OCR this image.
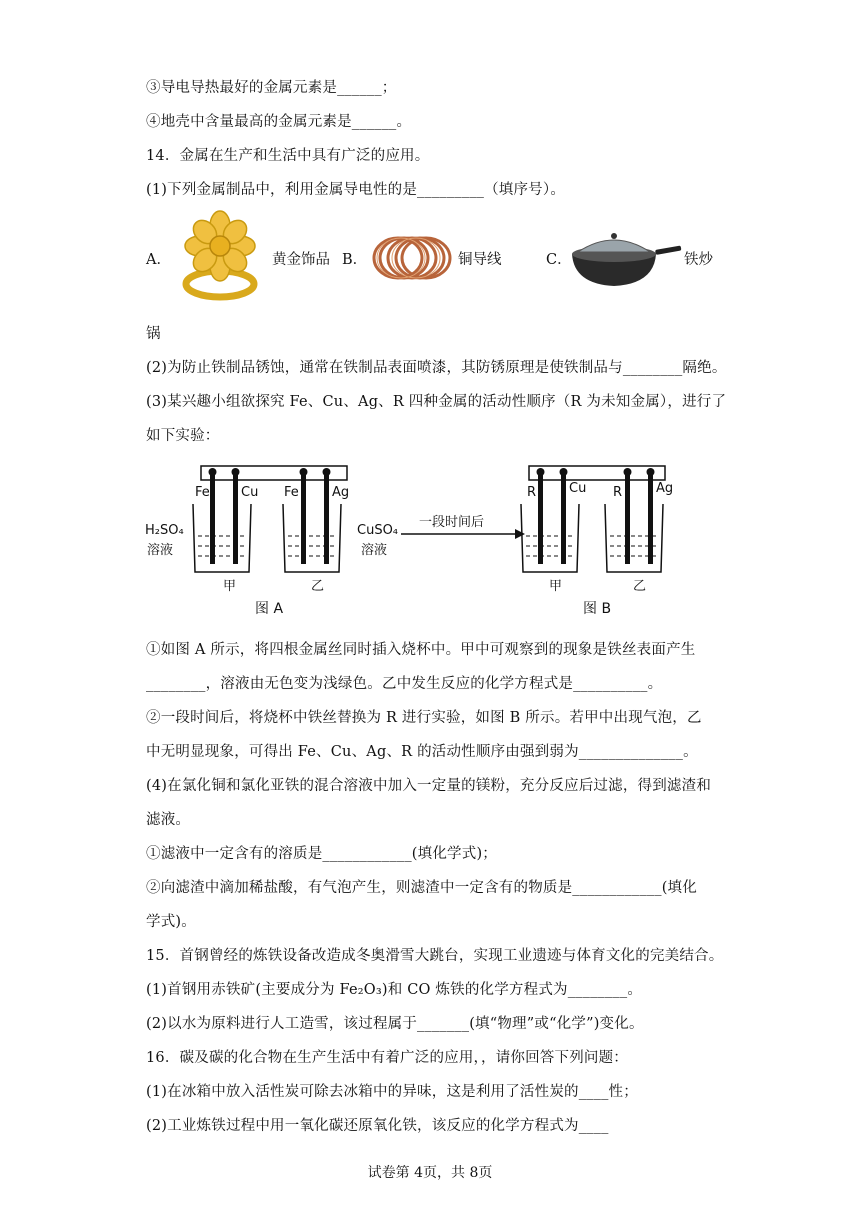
③导电导热最好的金属元素是______；
④地壳中含量最高的金属元素是______。
14．金属在生产和生活中具有广泛的应用。
(1)下列金属制品中，利用金属导电性的是_________（填序号）。
A．	黄金饰品 B．	铜导线	C．	铁炒
锅
(2)为防止铁制品锈蚀，通常在铁制品表面喷漆，其防锈原理是使铁制品与________隔绝。
(3)某兴趣小组欲探究 Fe、Cu、Ag、R 四种金属的活动性顺序（R 为未知金属），进行了
如下实验：
Fe Cu Fe	Ag
H₂SO₄
溶液
CuSO₄
溶液
一段时间后
R	Cu R	Ag
甲	乙	甲	乙
图 A	图 B
①如图 A 所示，将四根金属丝同时插入烧杯中。甲中可观察到的现象是铁丝表面产生
________，溶液由无色变为浅绿色。乙中发生反应的化学方程式是__________。
②一段时间后，将烧杯中铁丝替换为 R 进行实验，如图 B 所示。若甲中出现气泡，乙
中无明显现象，可得出 Fe、Cu、Ag、R 的活动性顺序由强到弱为______________。
(4)在氯化铜和氯化亚铁的混合溶液中加入一定量的镁粉，充分反应后过滤，得到滤渣和
滤液。
①滤液中一定含有的溶质是____________(填化学式)；
②向滤渣中滴加稀盐酸，有气泡产生，则滤渣中一定含有的物质是____________(填化
学式)。
15．首钢曾经的炼铁设备改造成冬奥滑雪大跳台，实现工业遗迹与体育文化的完美结合。
(1)首钢用赤铁矿(主要成分为 Fe₂O₃)和 CO 炼铁的化学方程式为________。
(2)以水为原料进行人工造雪，该过程属于_______(填“物理”或“化学”)变化。
16．碳及碳的化合物在生产生活中有着广泛的应用，，请你回答下列问题：
(1)在冰箱中放入活性炭可除去冰箱中的异味，这是利用了活性炭的____性；
(2)工业炼铁过程中用一氧化碳还原氧化铁，该反应的化学方程式为____
试卷第 4页，共 8页
